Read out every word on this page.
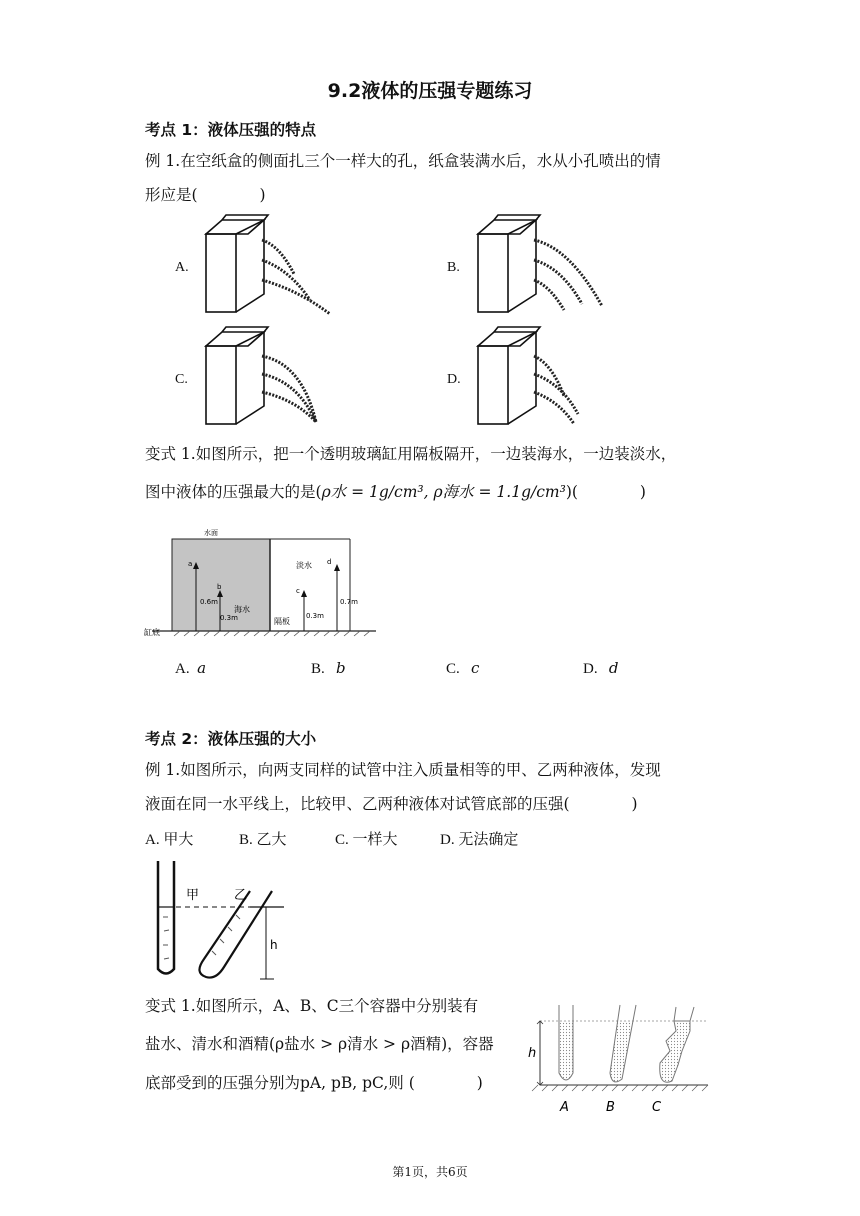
9.2液体的压强专题练习
考点 1：液体压强的特点
例 1.在空纸盒的侧面扎三个一样大的孔，纸盒装满水后，水从小孔喷出的情
形应是(　　　　)
A.	B.
C.	D.
变式 1.如图所示，把一个透明玻璃缸用隔板隔开，一边装海水，一边装淡水，
图中液体的压强最大的是(ρ水 = 1g/cm³, ρ海水 = 1.1g/cm³)(　　　　)
水面
淡水
海水
隔板
缸底
a
b	c
d
0.6m
0.3m	0.3m
0.7m
A. a	B. b	C. c	D. d
考点 2：液体压强的大小
例 1.如图所示，向两支同样的试管中注入质量相等的甲、乙两种液体，发现
液面在同一水平线上，比较甲、乙两种液体对试管底部的压强(　　　　)
A. 甲大	B. 乙大	C. 一样大	D. 无法确定
甲	乙
h
变式 1.如图所示，A、B、C三个容器中分别装有
盐水、清水和酒精(ρ盐水 > ρ清水 > ρ酒精)，容器
底部受到的压强分别为pA, pB, pC,则 (　　　　)
h
A	B	C
第1页，共6页
